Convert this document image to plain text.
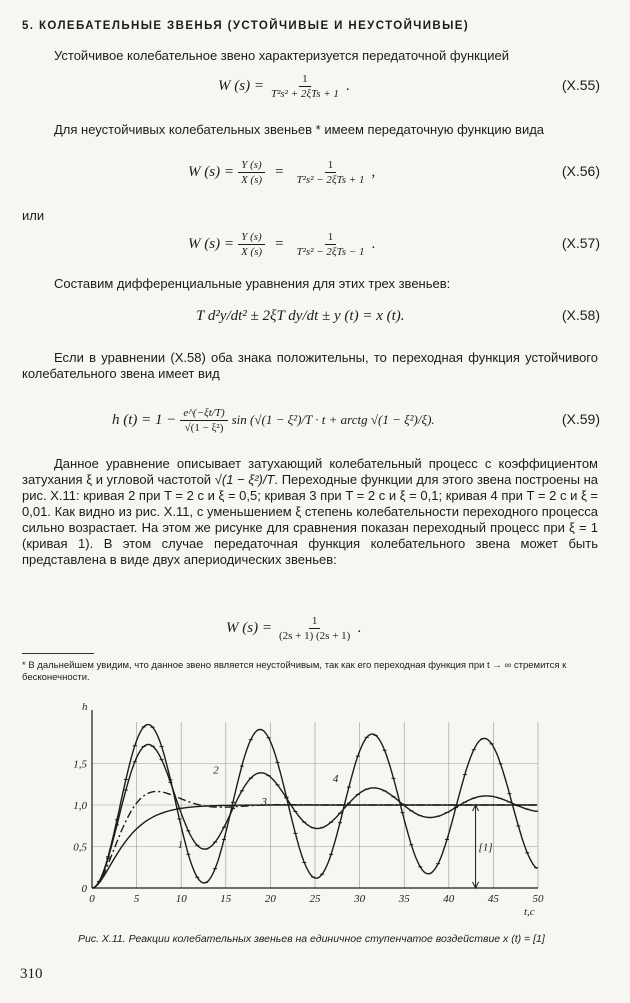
5. КОЛЕБАТЕЛЬНЫЕ ЗВЕНЬЯ (УСТОЙЧИВЫЕ И НЕУСТОЙЧИВЫЕ)
Устойчивое колебательное звено характеризуется передаточной функцией
W $(s) = \frac{1}{\text{T²s² + 2ξTs + 1}}$ .	(X.55)
Для неустойчивых колебательных звеньев * имеем передаточную функцию вида
W $(s) = \frac{Y (s)}{X (s)} = \frac{1}{\text{T²s² − 2ξTs + 1}}$ ,	(X.56)
или
W $(s) = \frac{Y (s)}{X (s)} = \frac{1}{\text{T²s² − 2ξTs − 1}}$ .	(X.57)
Составим дифференциальные уравнения для этих трех звеньев:
T d²y/dt² ± 2ξT dy/dt ± y (t) = x (t).	(X.58)
Если в уравнении (X.58) оба знака положительны, то переходная функция устойчивого колебательного звена имеет вид
h $(t) = 1 - \frac{e\^{}(-\xi t/T)}{\text{√(1 − ξ²)}}$ sin (√(1 − ξ²)/T · t + arctg √(1 − ξ²)/ξ).	(X.59)
Данное уравнение описывает затухающий колебательный процесс с коэффициентом затухания ξ и угловой частотой √(1 − ξ²)/T. Переходные функции для этого звена построены на рис. X.11: кривая 2 при T = 2 с и ξ = 0,5; кривая 3 при T = 2 с и ξ = 0,1; кривая 4 при T = 2 с и ξ = 0,01. Как видно из рис. X.11, с уменьшением ξ степень колебательности переходного процесса сильно возрастает. На этом же рисунке для сравнения показан переходный процесс при ξ = 1 (кривая 1). В этом случае передаточная функция колебательного звена может быть представлена в виде двух апериодических звеньев:
W $(s) = \frac{1}{(2s + 1) (2s + 1)}$ .
* В дальнейшем увидим, что данное звено является неустойчивым, так как его переходная функция при t → ∞ стремится к бесконечности.
0	5	10	15	20	25	30	35	40	45	50
0
0,5
1,0
1,5
h
t,c
1
2
3
4
[1]
Рис. X.11. Реакции колебательных звеньев на единичное ступенчатое воздействие x (t) = [1]
310
